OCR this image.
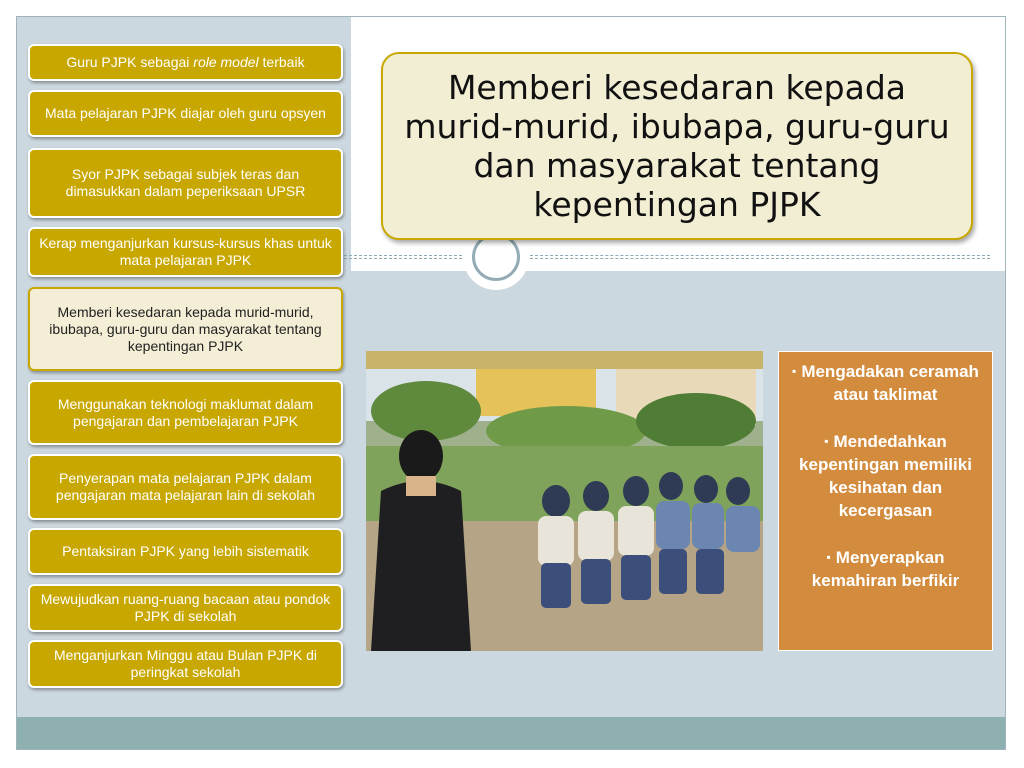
Guru PJPK sebagai role model terbaik
Mata pelajaran PJPK diajar oleh guru opsyen
Syor PJPK sebagai subjek teras dan dimasukkan dalam peperiksaan UPSR
Kerap menganjurkan kursus-kursus khas untuk mata pelajaran PJPK
Memberi kesedaran kepada murid-murid, ibubapa, guru-guru dan masyarakat tentang kepentingan PJPK
Menggunakan teknologi maklumat dalam pengajaran dan pembelajaran PJPK
Penyerapan mata pelajaran PJPK dalam pengajaran mata pelajaran lain di sekolah
Pentaksiran PJPK yang lebih sistematik
Mewujudkan ruang-ruang bacaan atau pondok PJPK di sekolah
Menganjurkan Minggu atau Bulan PJPK di peringkat sekolah
Memberi kesedaran kepada murid-murid, ibubapa, guru-guru dan masyarakat tentang kepentingan PJPK
▪ Mengadakan ceramah atau taklimat
▪ Mendedahkan kepentingan memiliki kesihatan dan kecergasan
▪ Menyerapkan kemahiran berfikir
